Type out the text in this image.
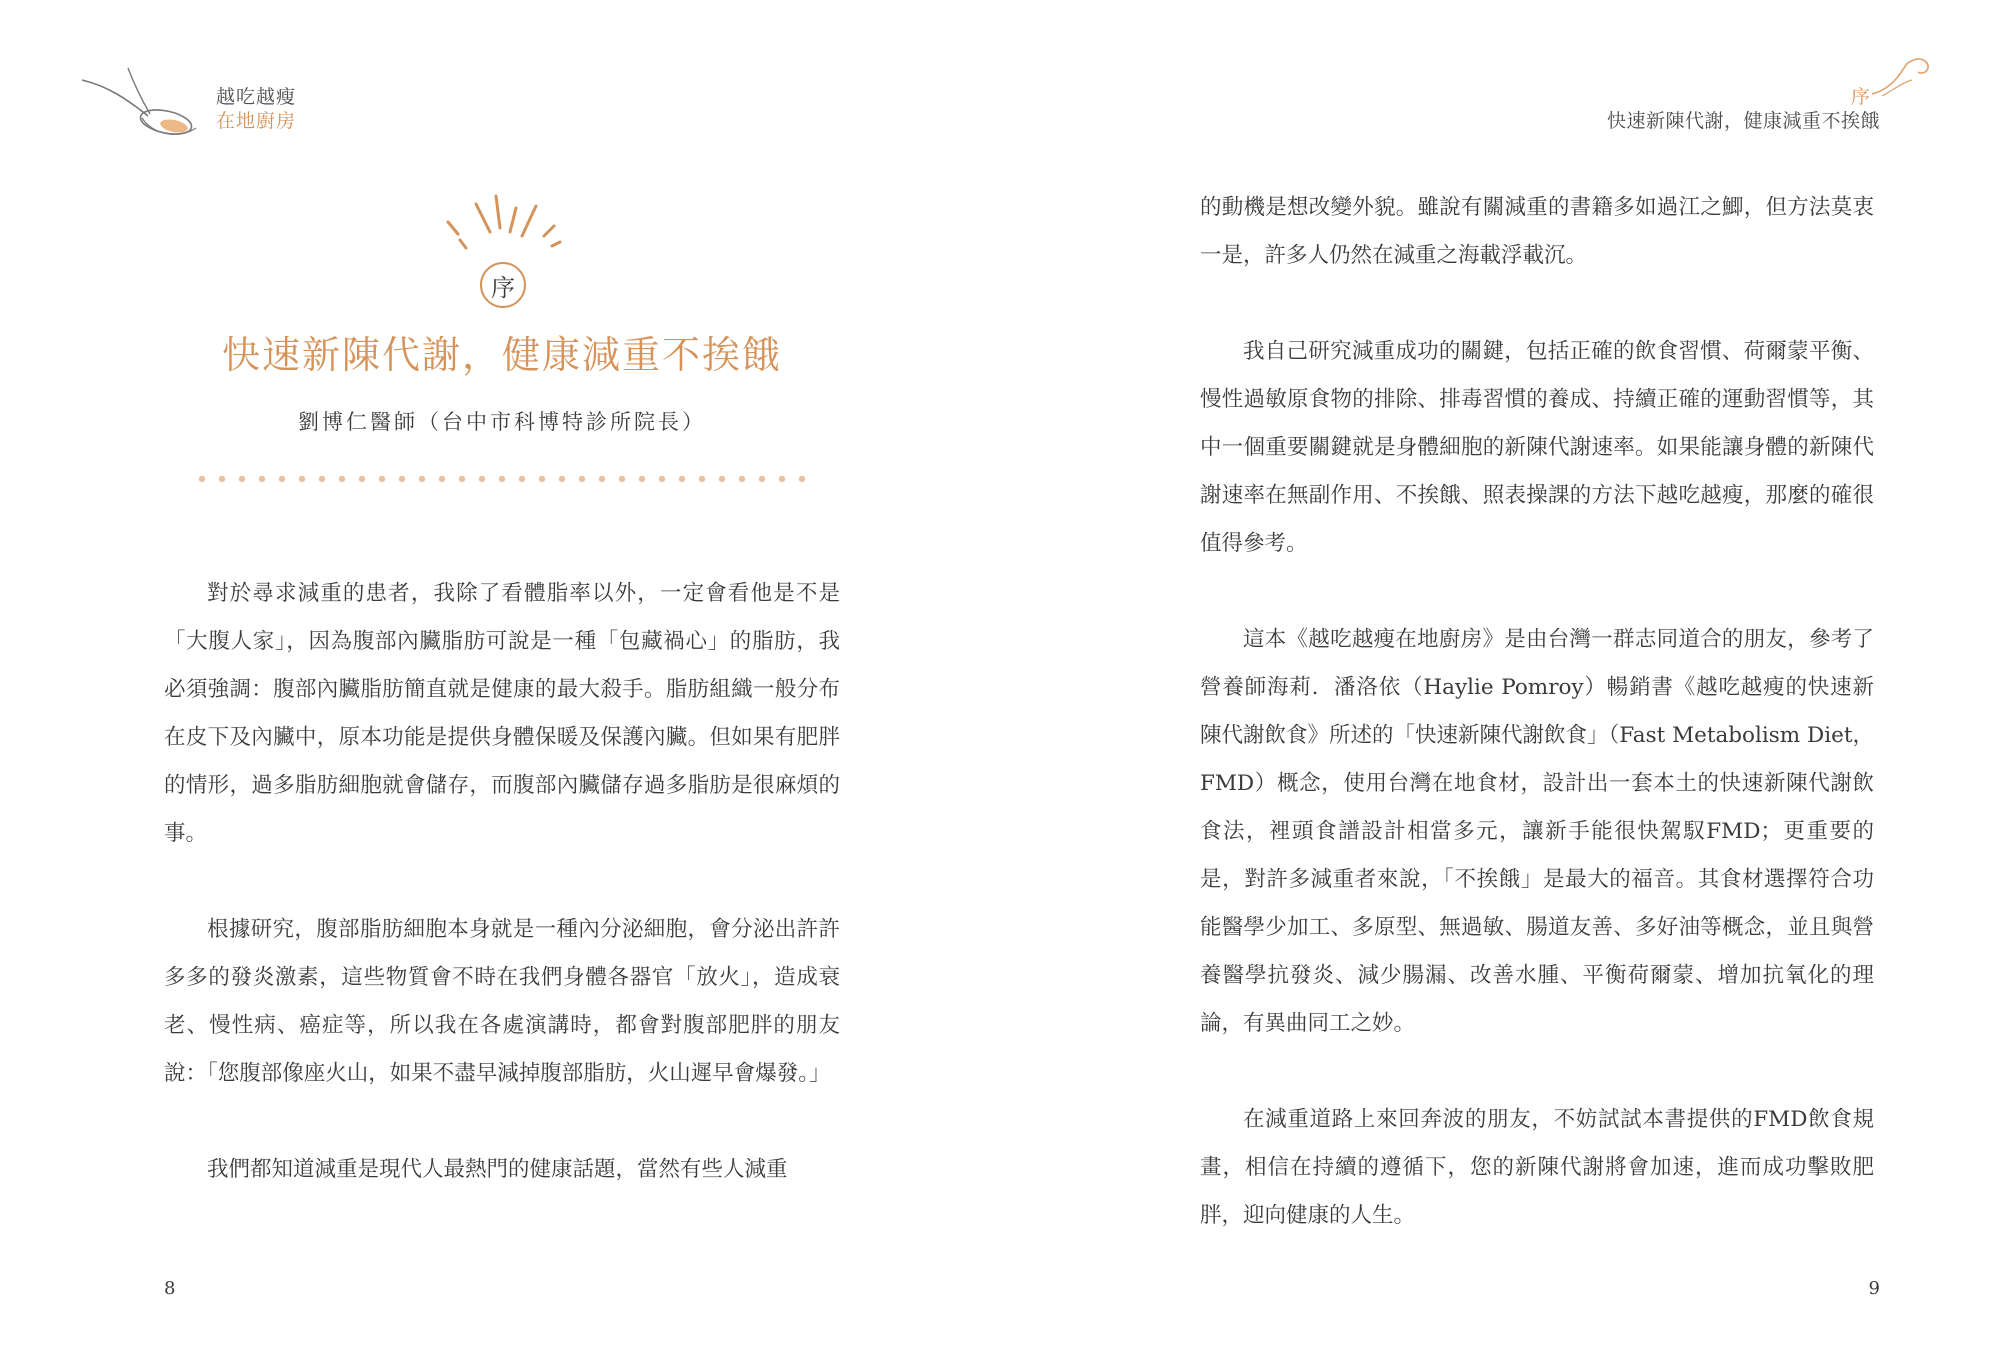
越吃越瘦
在地廚房
序
快速新陳代謝，健康減重不挨餓
劉博仁醫師（台中市科博特診所院長）

對於尋求減重的患者，我除了看體脂率以外，一定會看他是不是「大腹人家」，因為腹部內臟脂肪可說是一種「包藏禍心」的脂肪，我必須強調：腹部內臟脂肪簡直就是健康的最大殺手。脂肪組織一般分布在皮下及內臟中，原本功能是提供身體保暖及保護內臟。但如果有肥胖的情形，過多脂肪細胞就會儲存，而腹部內臟儲存過多脂肪是很麻煩的事。

根據研究，腹部脂肪細胞本身就是一種內分泌細胞，會分泌出許許多多的發炎激素，這些物質會不時在我們身體各器官「放火」，造成衰老、慢性病、癌症等，所以我在各處演講時，都會對腹部肥胖的朋友說：「您腹部像座火山，如果不盡早減掉腹部脂肪，火山遲早會爆發。」

我們都知道減重是現代人最熱門的健康話題，當然有些人減重

8
序
快速新陳代謝，健康減重不挨餓

的動機是想改變外貌。雖說有關減重的書籍多如過江之鯽，但方法莫衷一是，許多人仍然在減重之海載浮載沉。

我自己研究減重成功的關鍵，包括正確的飲食習慣、荷爾蒙平衡、慢性過敏原食物的排除、排毒習慣的養成、持續正確的運動習慣等，其中一個重要關鍵就是身體細胞的新陳代謝速率。如果能讓身體的新陳代謝速率在無副作用、不挨餓、照表操課的方法下越吃越瘦，那麼的確很值得參考。

這本《越吃越瘦在地廚房》是由台灣一群志同道合的朋友，參考了營養師海莉．潘洛依（Haylie Pomroy）暢銷書《越吃越瘦的快速新陳代謝飲食》所述的「快速新陳代謝飲食」（Fast Metabolism Diet，FMD）概念，使用台灣在地食材，設計出一套本土的快速新陳代謝飲食法，裡頭食譜設計相當多元，讓新手能很快駕馭FMD；更重要的是，對許多減重者來說，「不挨餓」是最大的福音。其食材選擇符合功能醫學少加工、多原型、無過敏、腸道友善、多好油等概念，並且與營養醫學抗發炎、減少腸漏、改善水腫、平衡荷爾蒙、增加抗氧化的理論，有異曲同工之妙。

在減重道路上來回奔波的朋友，不妨試試本書提供的FMD飲食規畫，相信在持續的遵循下，您的新陳代謝將會加速，進而成功擊敗肥胖，迎向健康的人生。

9
